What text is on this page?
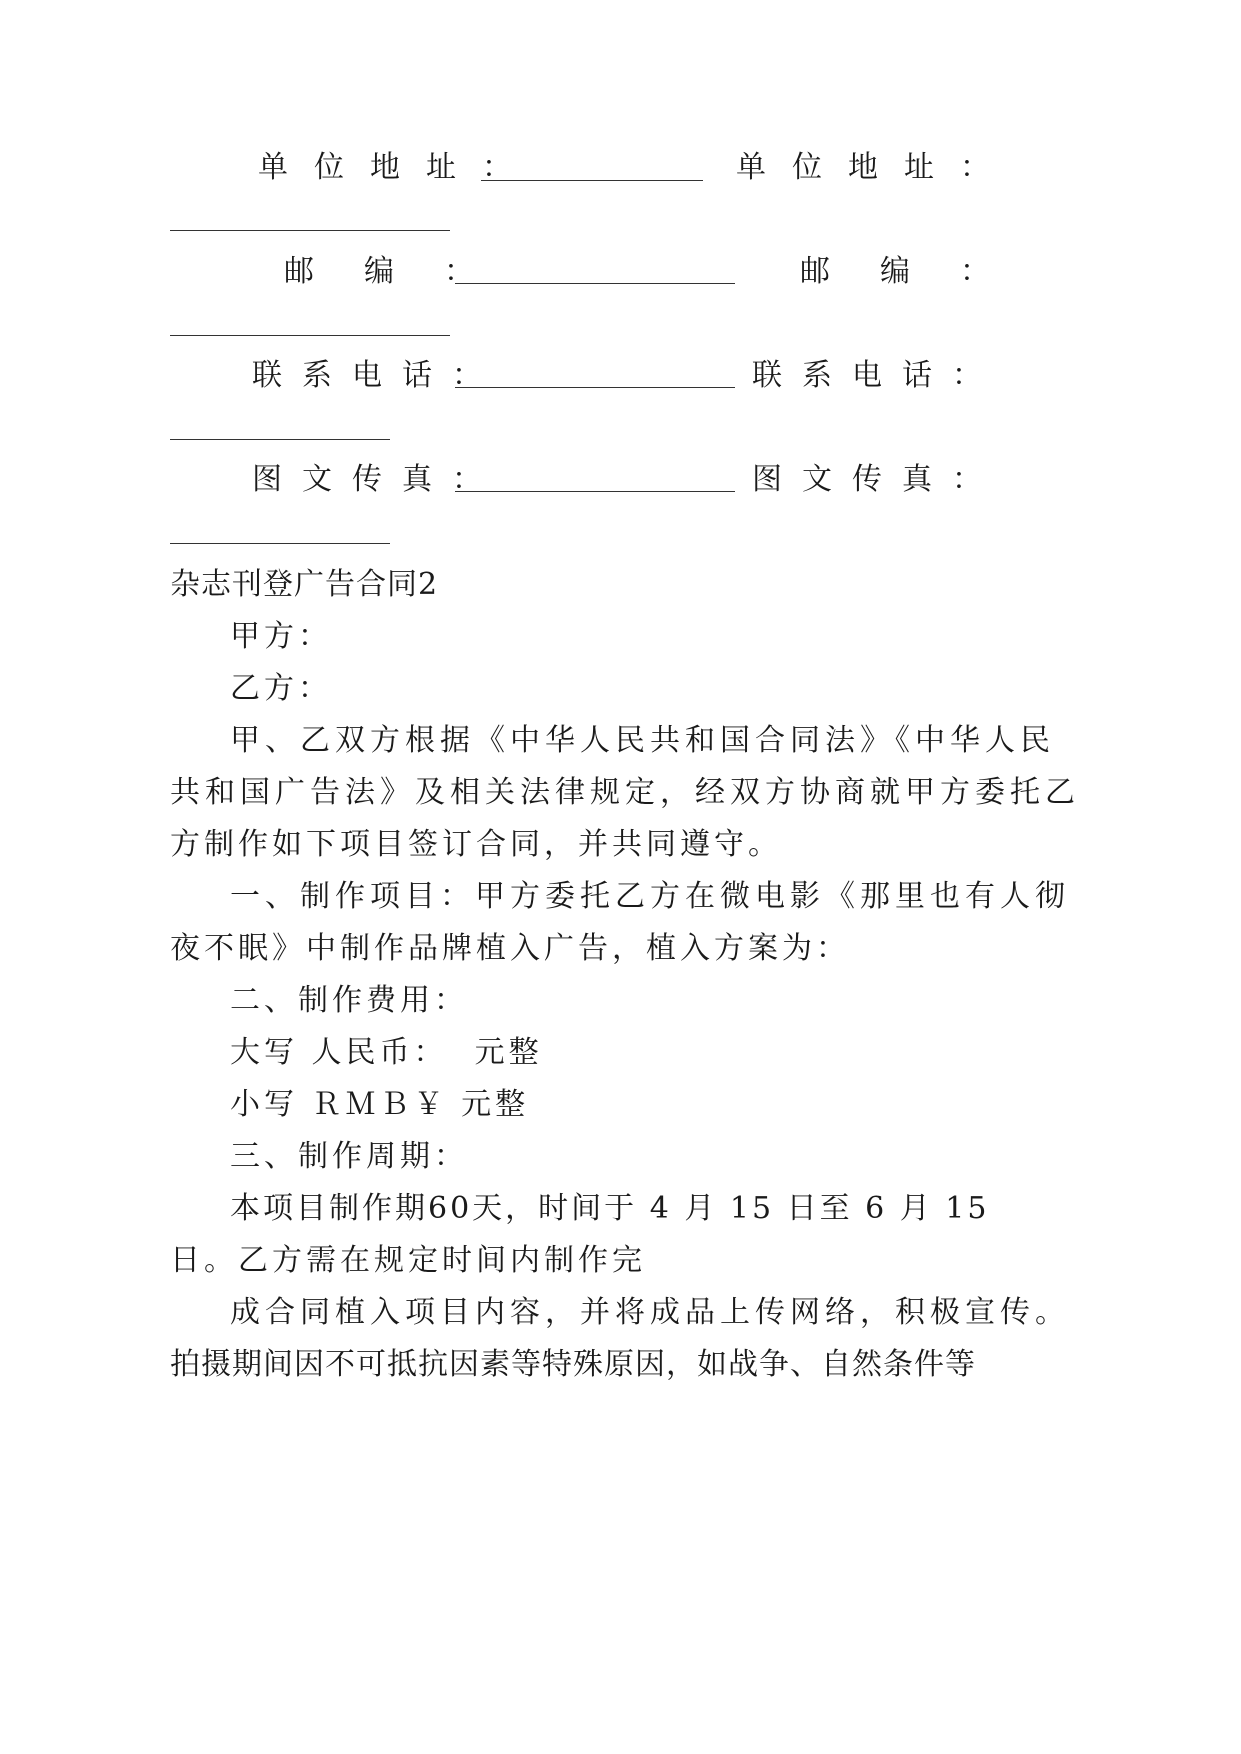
单位地址：	单位地址：
邮编：	邮编：
联系电话：	联系电话：
图文传真：	图文传真：
杂志刊登广告合同2
甲方：
乙方：
甲、乙双方根据《中华人民共和国合同法》《中华人民
共和国广告法》及相关法律规定，经双方协商就甲方委托乙
方制作如下项目签订合同，并共同遵守。
一、制作项目：甲方委托乙方在微电影《那里也有人彻
夜不眠》中制作品牌植入广告，植入方案为：
二、制作费用：
大写 人民币：  元整
小写 ＲＭＢ￥ 元整
三、制作周期：
本项目制作期60天，时间于 4 月 15 日至 6 月 15
日。乙方需在规定时间内制作完
成合同植入项目内容，并将成品上传网络，积极宣传。
拍摄期间因不可抵抗因素等特殊原因，如战争、自然条件等
